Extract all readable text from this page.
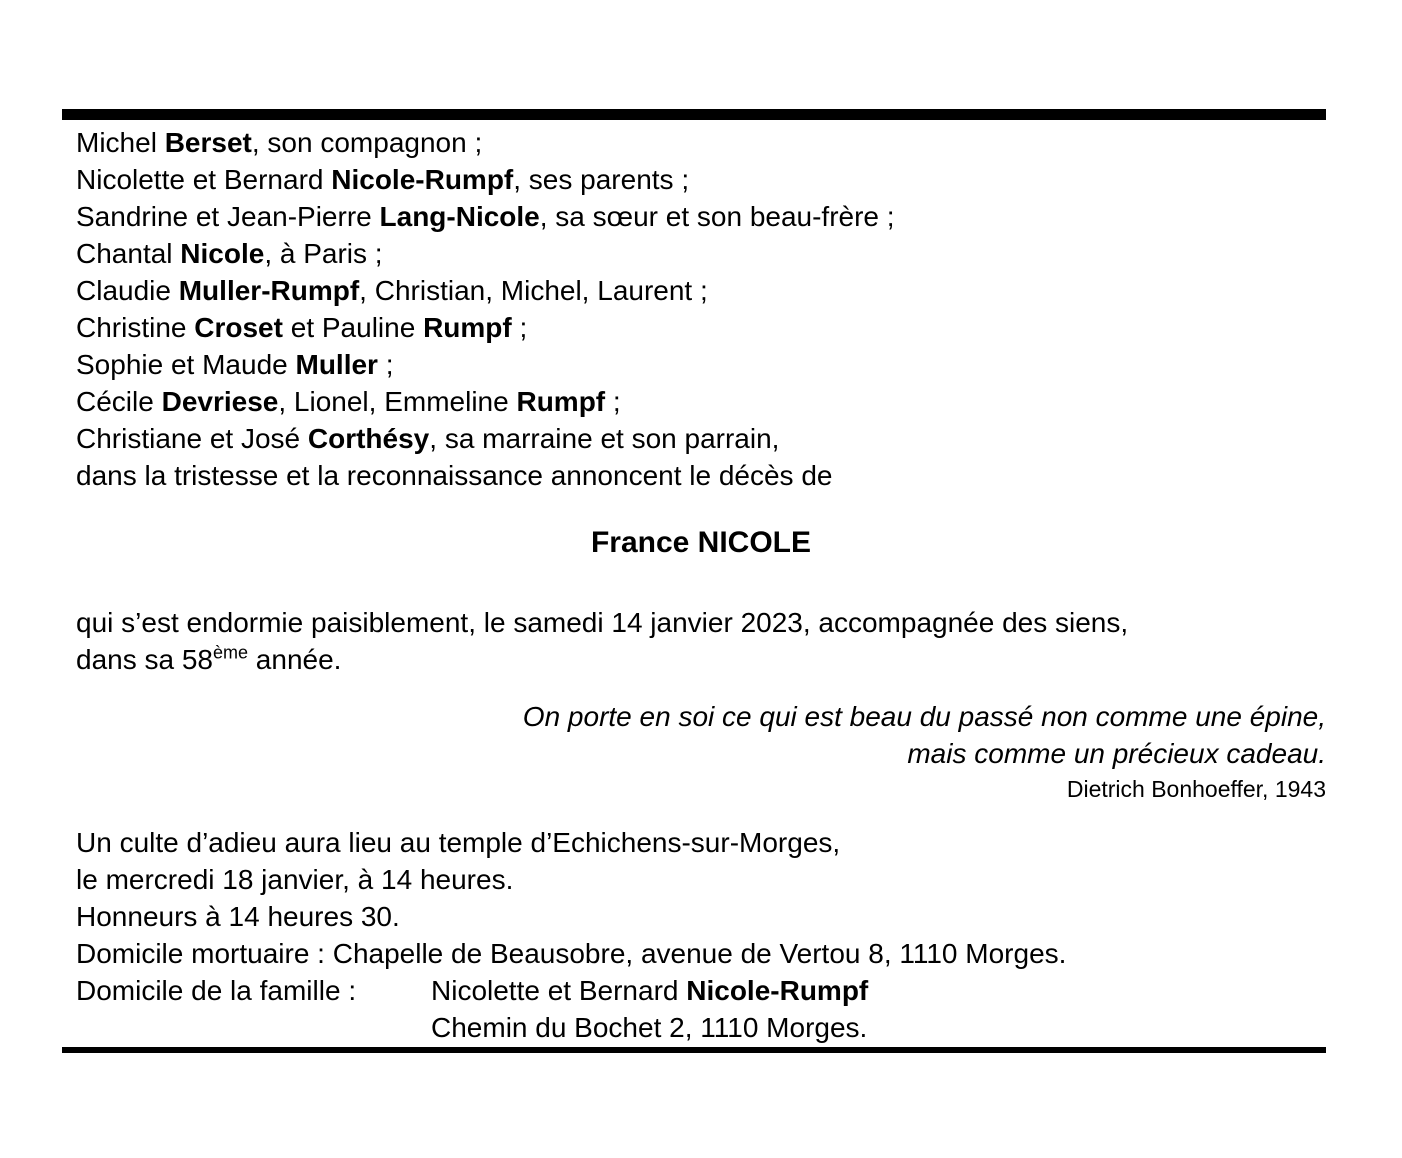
Michel Berset, son compagnon ;
Nicolette et Bernard Nicole-Rumpf, ses parents ;
Sandrine et Jean-Pierre Lang-Nicole, sa sœur et son beau-frère ;
Chantal Nicole, à Paris ;
Claudie Muller-Rumpf, Christian, Michel, Laurent ;
Christine Croset et Pauline Rumpf ;
Sophie et Maude Muller ;
Cécile Devriese, Lionel, Emmeline Rumpf ;
Christiane et José Corthésy, sa marraine et son parrain,
dans la tristesse et la reconnaissance annoncent le décès de
France NICOLE
qui s’est endormie paisiblement, le samedi 14 janvier 2023, accompagnée des siens,
dans sa 58ème année.
On porte en soi ce qui est beau du passé non comme une épine,
mais comme un précieux cadeau.
Dietrich Bonhoeffer, 1943
Un culte d’adieu aura lieu au temple d’Echichens-sur-Morges,
le mercredi 18 janvier, à 14 heures.
Honneurs à 14 heures 30.
Domicile mortuaire : Chapelle de Beausobre, avenue de Vertou 8, 1110 Morges.
Domicile de la famille :	Nicolette et Bernard Nicole-Rumpf
Chemin du Bochet 2, 1110 Morges.
